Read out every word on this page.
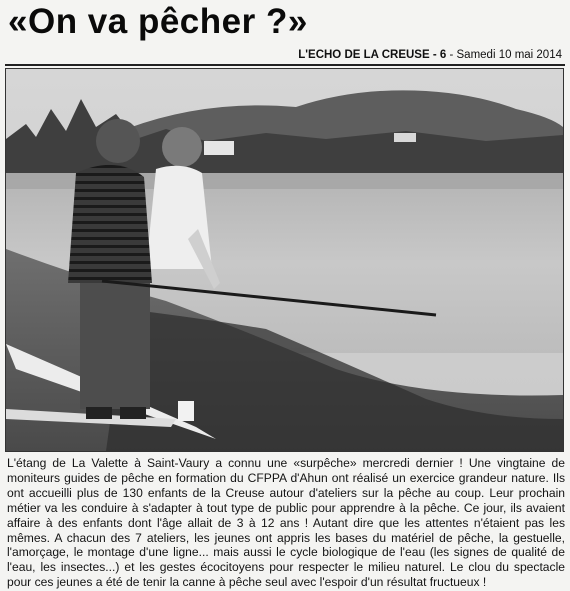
«On va pêcher ?»
L'ECHO DE LA CREUSE - 6 - Samedi 10 mai 2014

L'étang de La Valette à Saint-Vaury a connu une «surpêche» mercredi dernier ! Une vingtaine de moniteurs guides de pêche en formation du CFPPA d'Ahun ont réalisé un exercice grandeur nature. Ils ont accueilli plus de 130 enfants de la Creuse autour d'ateliers sur la pêche au coup. Leur prochain métier va les conduire à s'adapter à tout type de public pour apprendre à la pêche. Ce jour, ils avaient affaire à des enfants dont l'âge allait de 3 à 12 ans ! Autant dire que les attentes n'étaient pas les mêmes. A chacun des 7 ateliers, les jeunes ont appris les bases du matériel de pêche, la gestuelle, l'amorçage, le montage d'une ligne... mais aussi le cycle biologique de l'eau (les signes de qualité de l'eau, les insectes...) et les gestes écocitoyens pour respecter le milieu naturel. Le clou du spectacle pour ces jeunes a été de tenir la canne à pêche seul avec l'espoir d'un résultat fructueux !
